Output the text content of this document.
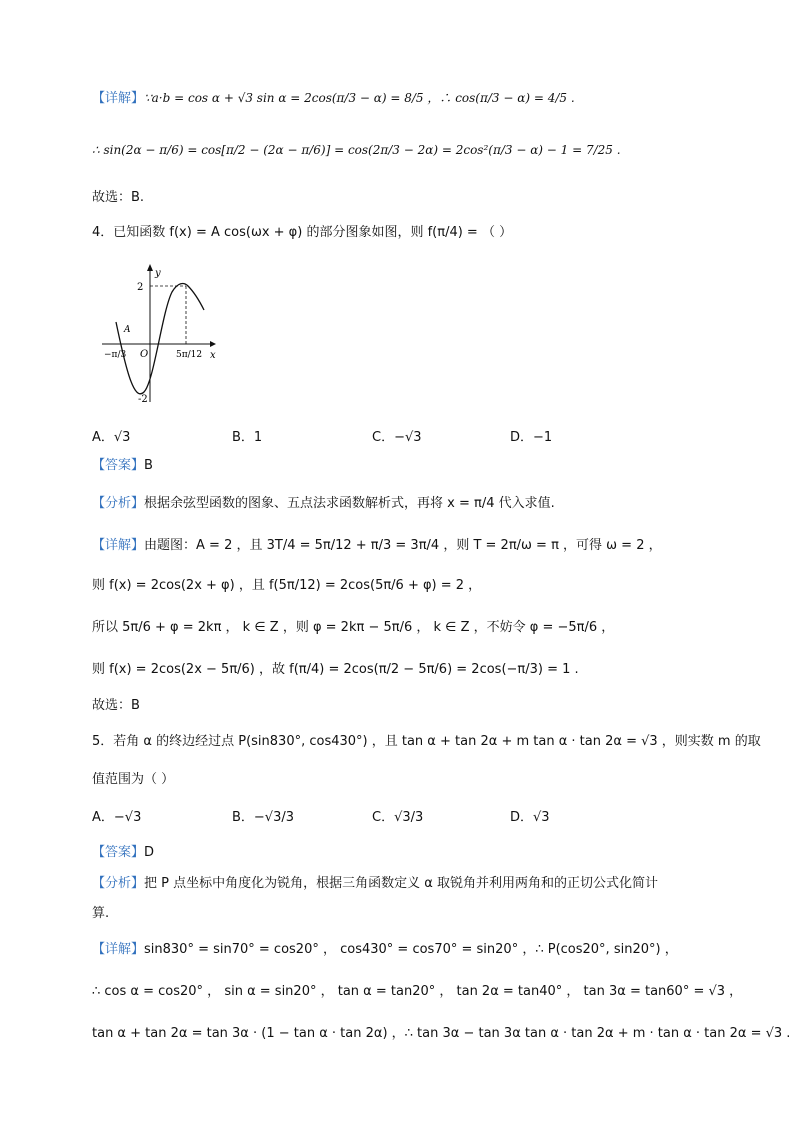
【详解】∵a·b = cos α + √3 sin α = 2cos(π/3 − α) = 8/5 ，∴ cos(π/3 − α) = 4/5 .
∴ sin(2α − π/6) = cos[π/2 − (2α − π/6)] = cos(2π/3 − 2α) = 2cos²(π/3 − α) − 1 = 7/25 .
故选：B.
4．已知函数 f(x) = A cos(ωx + φ) 的部分图象如图，则 f(π/4) = （ ）
y
x
2
-2
O
A
−π/3	5π/12
A．√3	B．1	C．−√3	D．−1
【答案】B
【分析】根据余弦型函数的图象、五点法求函数解析式，再将 x = π/4 代入求值.
【详解】由题图：A = 2 ，且 3T/4 = 5π/12 + π/3 = 3π/4 ，则 T = 2π/ω = π ，可得 ω = 2 ，
则 f(x) = 2cos(2x + φ) ，且 f(5π/12) = 2cos(5π/6 + φ) = 2 ，
所以 5π/6 + φ = 2kπ ， k ∈ Z ，则 φ = 2kπ − 5π/6 ， k ∈ Z ，不妨令 φ = −5π/6 ，
则 f(x) = 2cos(2x − 5π/6) ，故 f(π/4) = 2cos(π/2 − 5π/6) = 2cos(−π/3) = 1 .
故选：B
5．若角 α 的终边经过点 P(sin830°, cos430°) ，且 tan α + tan 2α + m tan α · tan 2α = √3 ，则实数 m 的取
值范围为（ ）
A．−√3	B．−√3/3	C．√3/3	D．√3
【答案】D
【分析】把 P 点坐标中角度化为锐角，根据三角函数定义 α 取锐角并利用两角和的正切公式化简计
算.
【详解】sin830° = sin70° = cos20° ， cos430° = cos70° = sin20° ，∴ P(cos20°, sin20°) ，
∴ cos α = cos20° ， sin α = sin20° ， tan α = tan20° ， tan 2α = tan40° ， tan 3α = tan60° = √3 ，
tan α + tan 2α = tan 3α · (1 − tan α · tan 2α) ，∴ tan 3α − tan 3α tan α · tan 2α + m · tan α · tan 2α = √3 .
